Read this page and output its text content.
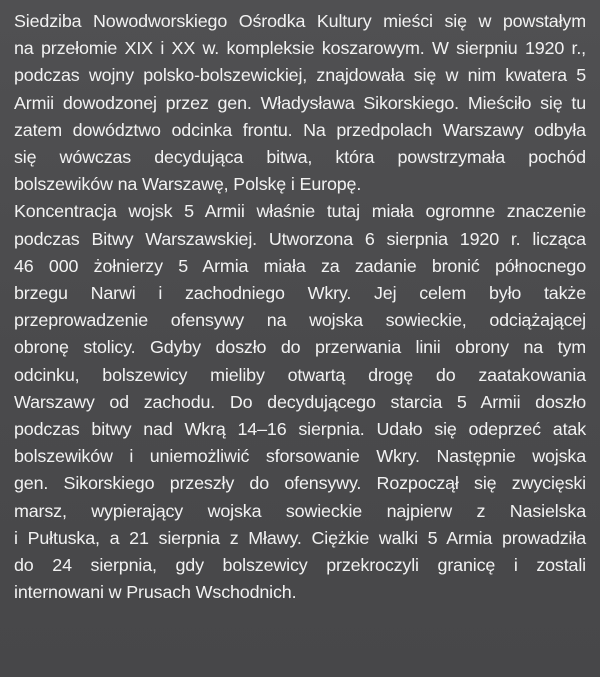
Siedziba Nowodworskiego Ośrodka Kultury mieści się w powstałym
na przełomie XIX i XX w. kompleksie koszarowym. W sierpniu 1920 r.,
podczas wojny polsko-bolszewickiej, znajdowała się w nim kwatera 5
Armii dowodzonej przez gen. Władysława Sikorskiego. Mieściło się tu
zatem dowództwo odcinka frontu. Na przedpolach Warszawy odbyła
się wówczas decydująca bitwa, która powstrzymała pochód
bolszewików na Warszawę, Polskę i Europę.
Koncentracja wojsk 5 Armii właśnie tutaj miała ogromne znaczenie
podczas Bitwy Warszawskiej. Utworzona 6 sierpnia 1920 r. licząca
46 000 żołnierzy 5 Armia miała za zadanie bronić północnego
brzegu Narwi i zachodniego Wkry. Jej celem było także
przeprowadzenie ofensywy na wojska sowieckie, odciążającej
obronę stolicy. Gdyby doszło do przerwania linii obrony na tym
odcinku, bolszewicy mieliby otwartą drogę do zaatakowania
Warszawy od zachodu. Do decydującego starcia 5 Armii doszło
podczas bitwy nad Wkrą 14–16 sierpnia. Udało się odeprzeć atak
bolszewików i uniemożliwić sforsowanie Wkry. Następnie wojska
gen. Sikorskiego przeszły do ofensywy. Rozpoczął się zwycięski
marsz, wypierający wojska sowieckie najpierw z Nasielska
i Pułtuska, a 21 sierpnia z Mławy. Ciężkie walki 5 Armia prowadziła
do 24 sierpnia, gdy bolszewicy przekroczyli granicę i zostali
internowani w Prusach Wschodnich.
